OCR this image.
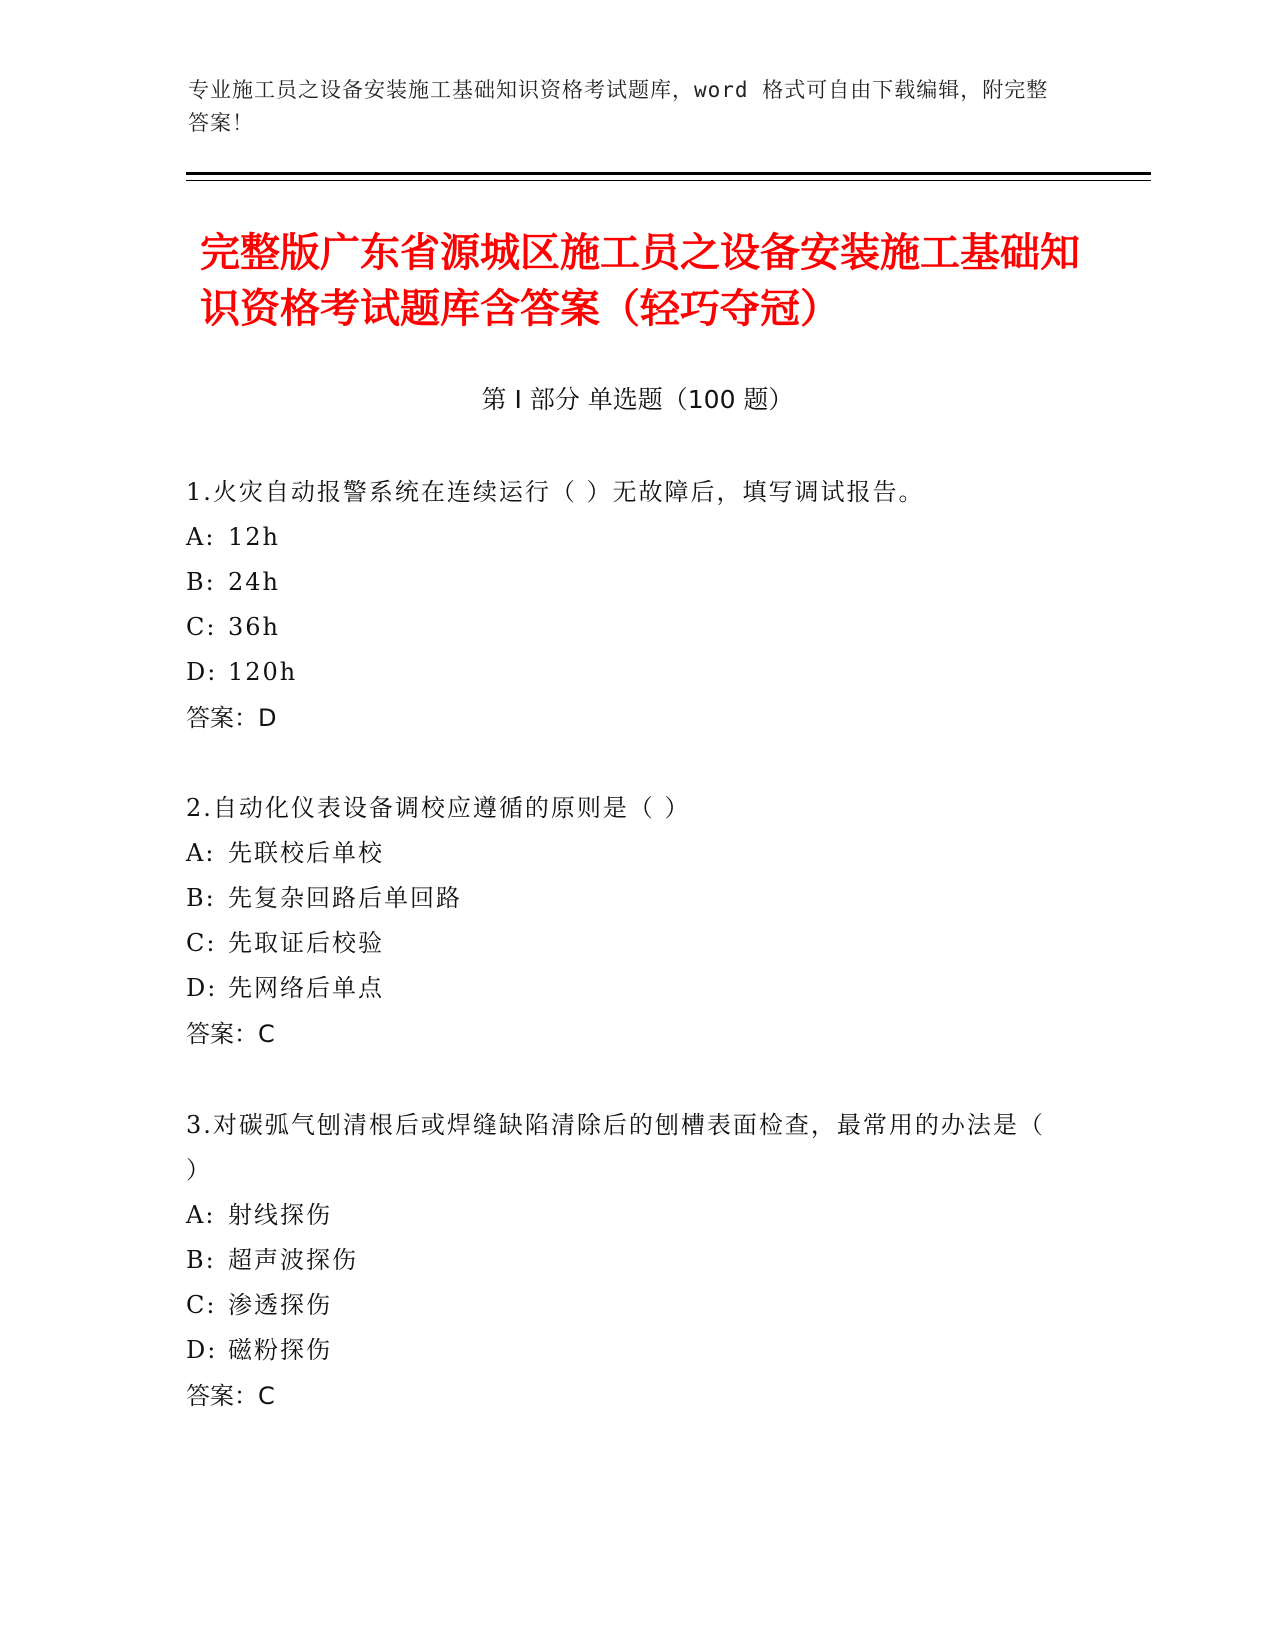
专业施工员之设备安装施工基础知识资格考试题库，word 格式可自由下载编辑，附完整答案！
完整版广东省源城区施工员之设备安装施工基础知识资格考试题库含答案（轻巧夺冠）
第 I 部分 单选题（100 题）
1.火灾自动报警系统在连续运行（ ）无故障后，填写调试报告。
A: 12h
B: 24h
C: 36h
D: 120h
答案：D
2.自动化仪表设备调校应遵循的原则是（ ）
A: 先联校后单校
B: 先复杂回路后单回路
C: 先取证后校验
D: 先网络后单点
答案：C
3.对碳弧气刨清根后或焊缝缺陷清除后的刨槽表面检查，最常用的办法是（ ）
A: 射线探伤
B: 超声波探伤
C: 渗透探伤
D: 磁粉探伤
答案：C
